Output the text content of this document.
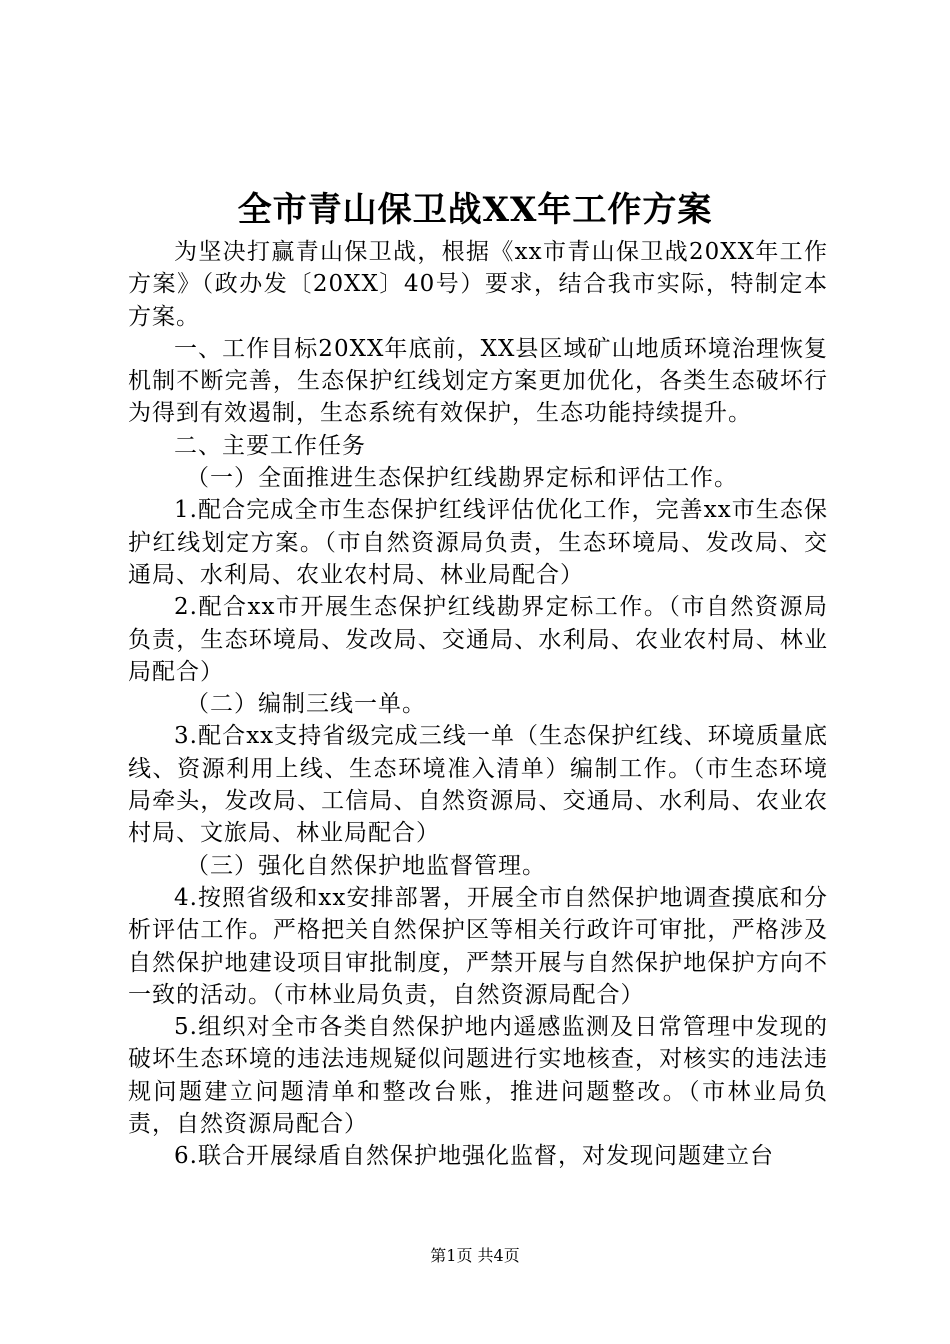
全市青山保卫战XX年工作方案

为坚决打赢青山保卫战，根据《xx市青山保卫战20XX年工作方案》（政办发〔20XX〕40号）要求，结合我市实际，特制定本方案。

一、工作目标20XX年底前，XX县区域矿山地质环境治理恢复机制不断完善，生态保护红线划定方案更加优化，各类生态破坏行为得到有效遏制，生态系统有效保护，生态功能持续提升。

二、主要工作任务

（一）全面推进生态保护红线勘界定标和评估工作。

1.配合完成全市生态保护红线评估优化工作，完善xx市生态保护红线划定方案。（市自然资源局负责，生态环境局、发改局、交通局、水利局、农业农村局、林业局配合）

2.配合xx市开展生态保护红线勘界定标工作。（市自然资源局负责，生态环境局、发改局、交通局、水利局、农业农村局、林业局配合）

（二）编制三线一单。

3.配合xx支持省级完成三线一单（生态保护红线、环境质量底线、资源利用上线、生态环境准入清单）编制工作。（市生态环境局牵头，发改局、工信局、自然资源局、交通局、水利局、农业农村局、文旅局、林业局配合）

（三）强化自然保护地监督管理。

4.按照省级和xx安排部署，开展全市自然保护地调查摸底和分析评估工作。严格把关自然保护区等相关行政许可审批，严格涉及自然保护地建设项目审批制度，严禁开展与自然保护地保护方向不一致的活动。（市林业局负责，自然资源局配合）

5.组织对全市各类自然保护地内遥感监测及日常管理中发现的破坏生态环境的违法违规疑似问题进行实地核查，对核实的违法违规问题建立问题清单和整改台账，推进问题整改。（市林业局负责，自然资源局配合）

6.联合开展绿盾自然保护地强化监督，对发现问题建立台

第1页 共4页
